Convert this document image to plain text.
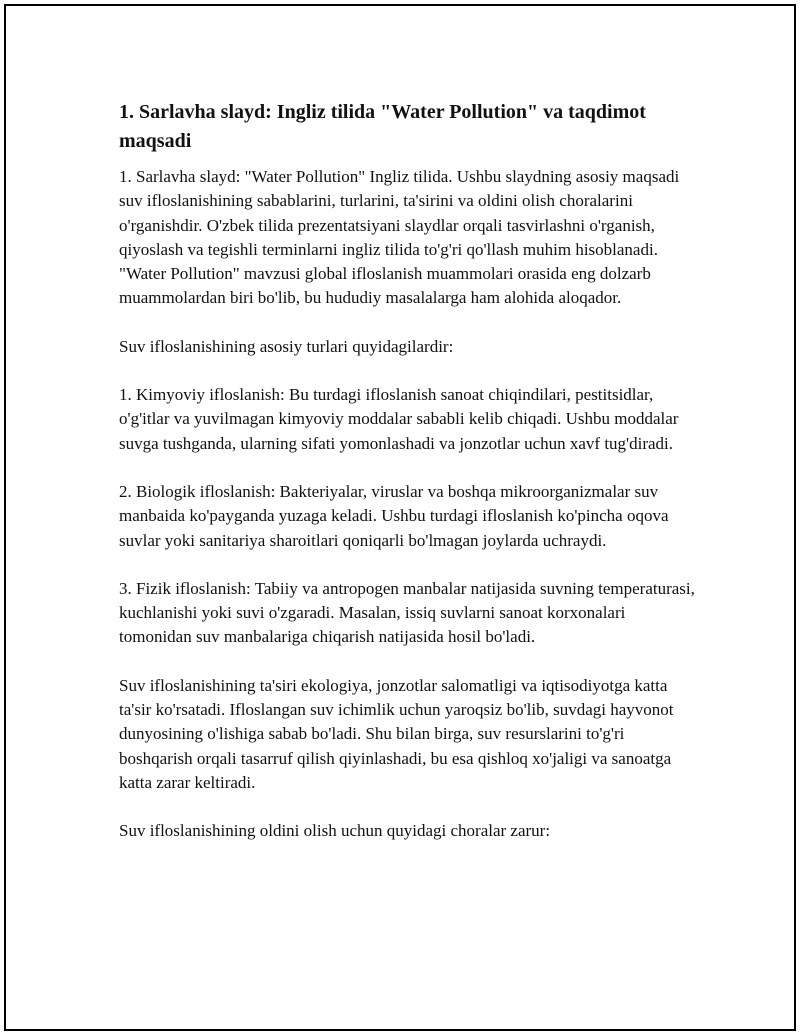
1. Sarlavha slayd: Ingliz tilida "Water Pollution" va taqdimot maqsadi

1. Sarlavha slayd: "Water Pollution" Ingliz tilida. Ushbu slaydning asosiy maqsadi suv ifloslanishining sabablarini, turlarini, ta'sirini va oldini olish choralarini o'rganishdir. O'zbek tilida prezentatsiyani slaydlar orqali tasvirlashni o'rganish, qiyoslash va tegishli terminlarni ingliz tilida to'g'ri qo'llash muhim hisoblanadi. "Water Pollution" mavzusi global ifloslanish muammolari orasida eng dolzarb muammolardan biri bo'lib, bu hududiy masalalarga ham alohida aloqador.

Suv ifloslanishining asosiy turlari quyidagilardir:

1. Kimyoviy ifloslanish: Bu turdagi ifloslanish sanoat chiqindilari, pestitsidlar, o'g'itlar va yuvilmagan kimyoviy moddalar sababli kelib chiqadi. Ushbu moddalar suvga tushganda, ularning sifati yomonlashadi va jonzotlar uchun xavf tug'diradi.

2. Biologik ifloslanish: Bakteriyalar, viruslar va boshqa mikroorganizmalar suv manbaida ko'payganda yuzaga keladi. Ushbu turdagi ifloslanish ko'pincha oqova suvlar yoki sanitariya sharoitlari qoniqarli bo'lmagan joylarda uchraydi.

3. Fizik ifloslanish: Tabiiy va antropogen manbalar natijasida suvning temperaturasi, kuchlanishi yoki suvi o'zgaradi. Masalan, issiq suvlarni sanoat korxonalari tomonidan suv manbalariga chiqarish natijasida hosil bo'ladi.

Suv ifloslanishining ta'siri ekologiya, jonzotlar salomatligi va iqtisodiyotga katta ta'sir ko'rsatadi. Ifloslangan suv ichimlik uchun yaroqsiz bo'lib, suvdagi hayvonot dunyosining o'lishiga sabab bo'ladi. Shu bilan birga, suv resurslarini to'g'ri boshqarish orqali tasarruf qilish qiyinlashadi, bu esa qishloq xo'jaligi va sanoatga katta zarar keltiradi.

Suv ifloslanishining oldini olish uchun quyidagi choralar zarur:
